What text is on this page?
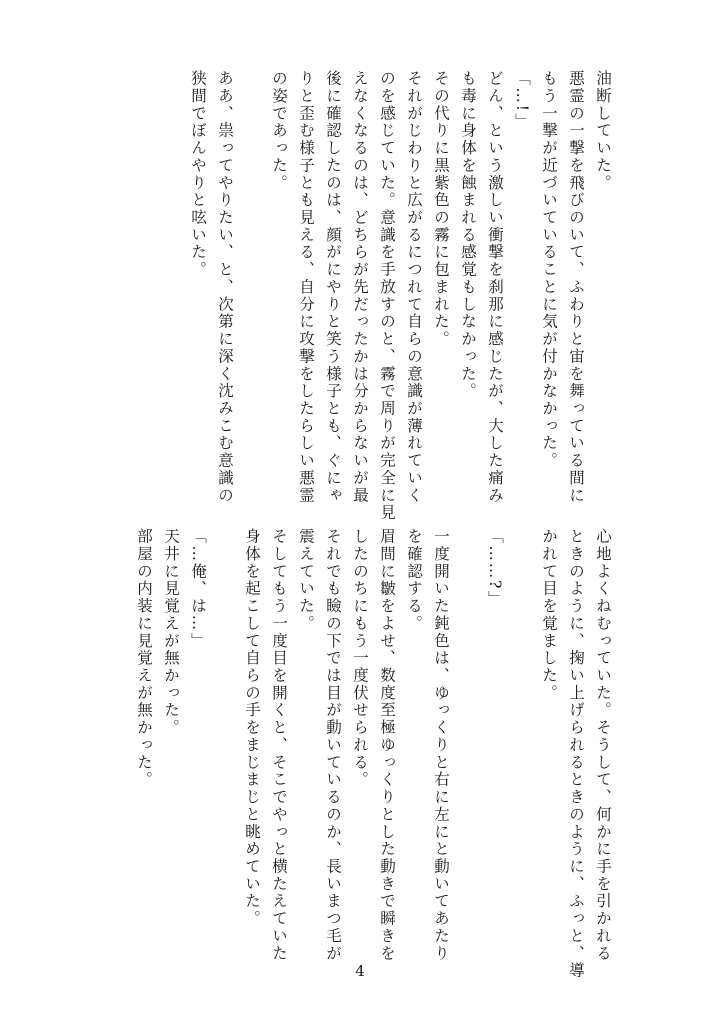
油断していた。
悪霊の一撃を飛びのいて、ふわりと宙を舞っている間に
もう一撃が近づいていることに気が付かなかった。
「…!」
どん、という激しい衝撃を刹那に感じたが、大した痛み
も毒に身体を蝕まれる感覚もしなかった。
その代りに黒紫色の霧に包まれた。
それがじわりと広がるにつれて自らの意識が薄れていく
のを感じていた。意識を手放すのと、霧で周りが完全に見
えなくなるのは、どちらが先だったかは分からないが最
後に確認したのは、顔がにやりと笑う様子とも、ぐにゃ
りと歪む様子とも見える、自分に攻撃をしたらしい悪霊
の姿であった。

ああ、祟ってやりたい、と、次第に深く沈みこむ意識の
狭間でぼんやりと呟いた。
心地よくねむっていた。そうして、何かに手を引かれる
ときのように、掬い上げられるときのように、ふっと、導
かれて目を覚ました。

「……?」

一度開いた鈍色は、ゆっくりと右に左にと動いてあたり
を確認する。
眉間に皺をよせ、数度至極ゆっくりとした動きで瞬きを
したのちにもう一度伏せられる。
それでも瞼の下では目が動いているのか、長いまつ毛が
震えていた。
そしてもう一度目を開くと、そこでやっと横たえていた
身体を起こして自らの手をまじまじと眺めていた。

「…俺、は…」
天井に見覚えが無かった。
部屋の内装に見覚えが無かった。
4
